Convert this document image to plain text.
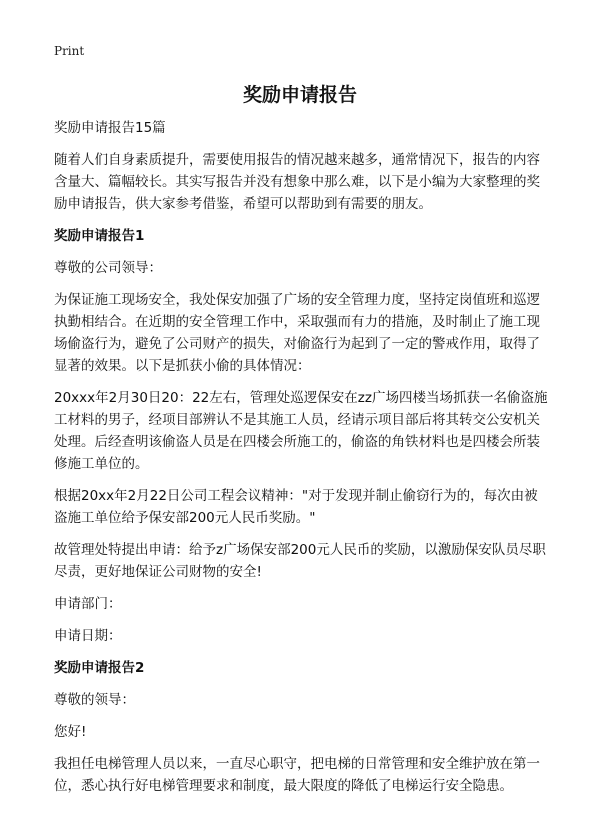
Print
奖励申请报告

奖励申请报告15篇

随着人们自身素质提升，需要使用报告的情况越来越多，通常情况下，报告的内容含量大、篇幅较长。其实写报告并没有想象中那么难，以下是小编为大家整理的奖励申请报告，供大家参考借鉴，希望可以帮助到有需要的朋友。

奖励申请报告1

尊敬的公司领导：

为保证施工现场安全，我处保安加强了广场的安全管理力度，坚持定岗值班和巡逻执勤相结合。在近期的安全管理工作中，采取强而有力的措施，及时制止了施工现场偷盗行为，避免了公司财产的损失，对偷盗行为起到了一定的警戒作用，取得了显著的效果。以下是抓获小偷的具体情况：

20xxx年2月30日20：22左右，管理处巡逻保安在zz广场四楼当场抓获一名偷盗施工材料的男子，经项目部辨认不是其施工人员，经请示项目部后将其转交公安机关处理。后经查明该偷盗人员是在四楼会所施工的，偷盗的角铁材料也是四楼会所装修施工单位的。

根据20xx年2月22日公司工程会议精神："对于发现并制止偷窃行为的，每次由被盗施工单位给予保安部200元人民币奖励。"

故管理处特提出申请：给予z广场保安部200元人民币的奖励，以激励保安队员尽职尽责，更好地保证公司财物的安全!

申请部门：

申请日期：

奖励申请报告2

尊敬的领导：

您好!

我担任电梯管理人员以来，一直尽心职守，把电梯的日常管理和安全维护放在第一位，悉心执行好电梯管理要求和制度，最大限度的降低了电梯运行安全隐患。
